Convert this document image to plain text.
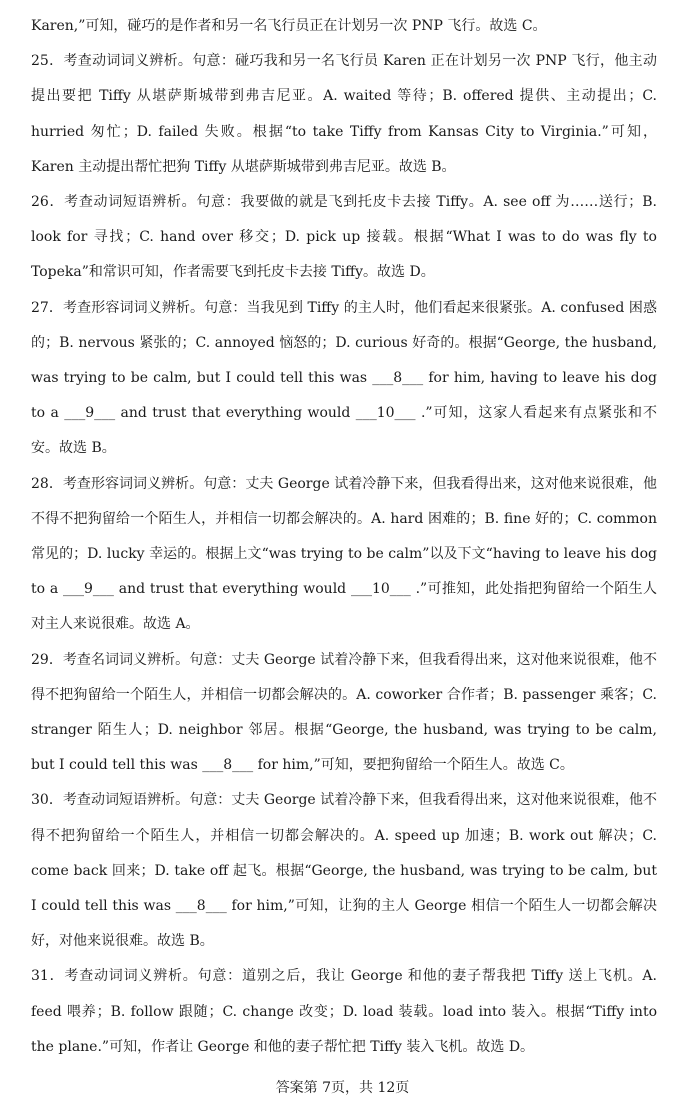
Karen,”可知，碰巧的是作者和另一名飞行员正在计划另一次 PNP 飞行。故选 C。

25．考查动词词义辨析。句意：碰巧我和另一名飞行员 Karen 正在计划另一次 PNP 飞行，他主动提出要把 Tiffy 从堪萨斯城带到弗吉尼亚。A. waited 等待；B. offered 提供、主动提出；C. hurried 匆忙；D. failed 失败。根据“to take Tiffy from Kansas City to Virginia.”可知，Karen 主动提出帮忙把狗 Tiffy 从堪萨斯城带到弗吉尼亚。故选 B。

26．考查动词短语辨析。句意：我要做的就是飞到托皮卡去接 Tiffy。A. see off 为……送行；B. look for 寻找；C. hand over 移交；D. pick up 接载。根据“What I was to do was fly to Topeka”和常识可知，作者需要飞到托皮卡去接 Tiffy。故选 D。

27．考查形容词词义辨析。句意：当我见到 Tiffy 的主人时，他们看起来很紧张。A. confused 困惑的；B. nervous 紧张的；C. annoyed 恼怒的；D. curious 好奇的。根据“George, the husband, was trying to be calm, but I could tell this was ___8___ for him, having to leave his dog to a ___9___ and trust that everything would ___10___ .”可知，这家人看起来有点紧张和不安。故选 B。

28．考查形容词词义辨析。句意：丈夫 George 试着冷静下来，但我看得出来，这对他来说很难，他不得不把狗留给一个陌生人，并相信一切都会解决的。A. hard 困难的；B. fine 好的；C. common 常见的；D. lucky 幸运的。根据上文“was trying to be calm”以及下文“having to leave his dog to a ___9___ and trust that everything would ___10___ .”可推知，此处指把狗留给一个陌生人对主人来说很难。故选 A。

29．考查名词词义辨析。句意：丈夫 George 试着冷静下来，但我看得出来，这对他来说很难，他不得不把狗留给一个陌生人，并相信一切都会解决的。A. coworker 合作者；B. passenger 乘客；C. stranger 陌生人；D. neighbor 邻居。根据“George, the husband, was trying to be calm, but I could tell this was ___8___ for him,”可知，要把狗留给一个陌生人。故选 C。

30．考查动词短语辨析。句意：丈夫 George 试着冷静下来，但我看得出来，这对他来说很难，他不得不把狗留给一个陌生人，并相信一切都会解决的。A. speed up 加速；B. work out 解决；C. come back 回来；D. take off 起飞。根据“George, the husband, was trying to be calm, but I could tell this was ___8___ for him,”可知，让狗的主人 George 相信一个陌生人一切都会解决好，对他来说很难。故选 B。

31．考查动词词义辨析。句意：道别之后，我让 George 和他的妻子帮我把 Tiffy 送上飞机。A. feed 喂养；B. follow 跟随；C. change 改变；D. load 装载。load into 装入。根据“Tiffy into the plane.”可知，作者让 George 和他的妻子帮忙把 Tiffy 装入飞机。故选 D。

答案第 7页，共 12页
